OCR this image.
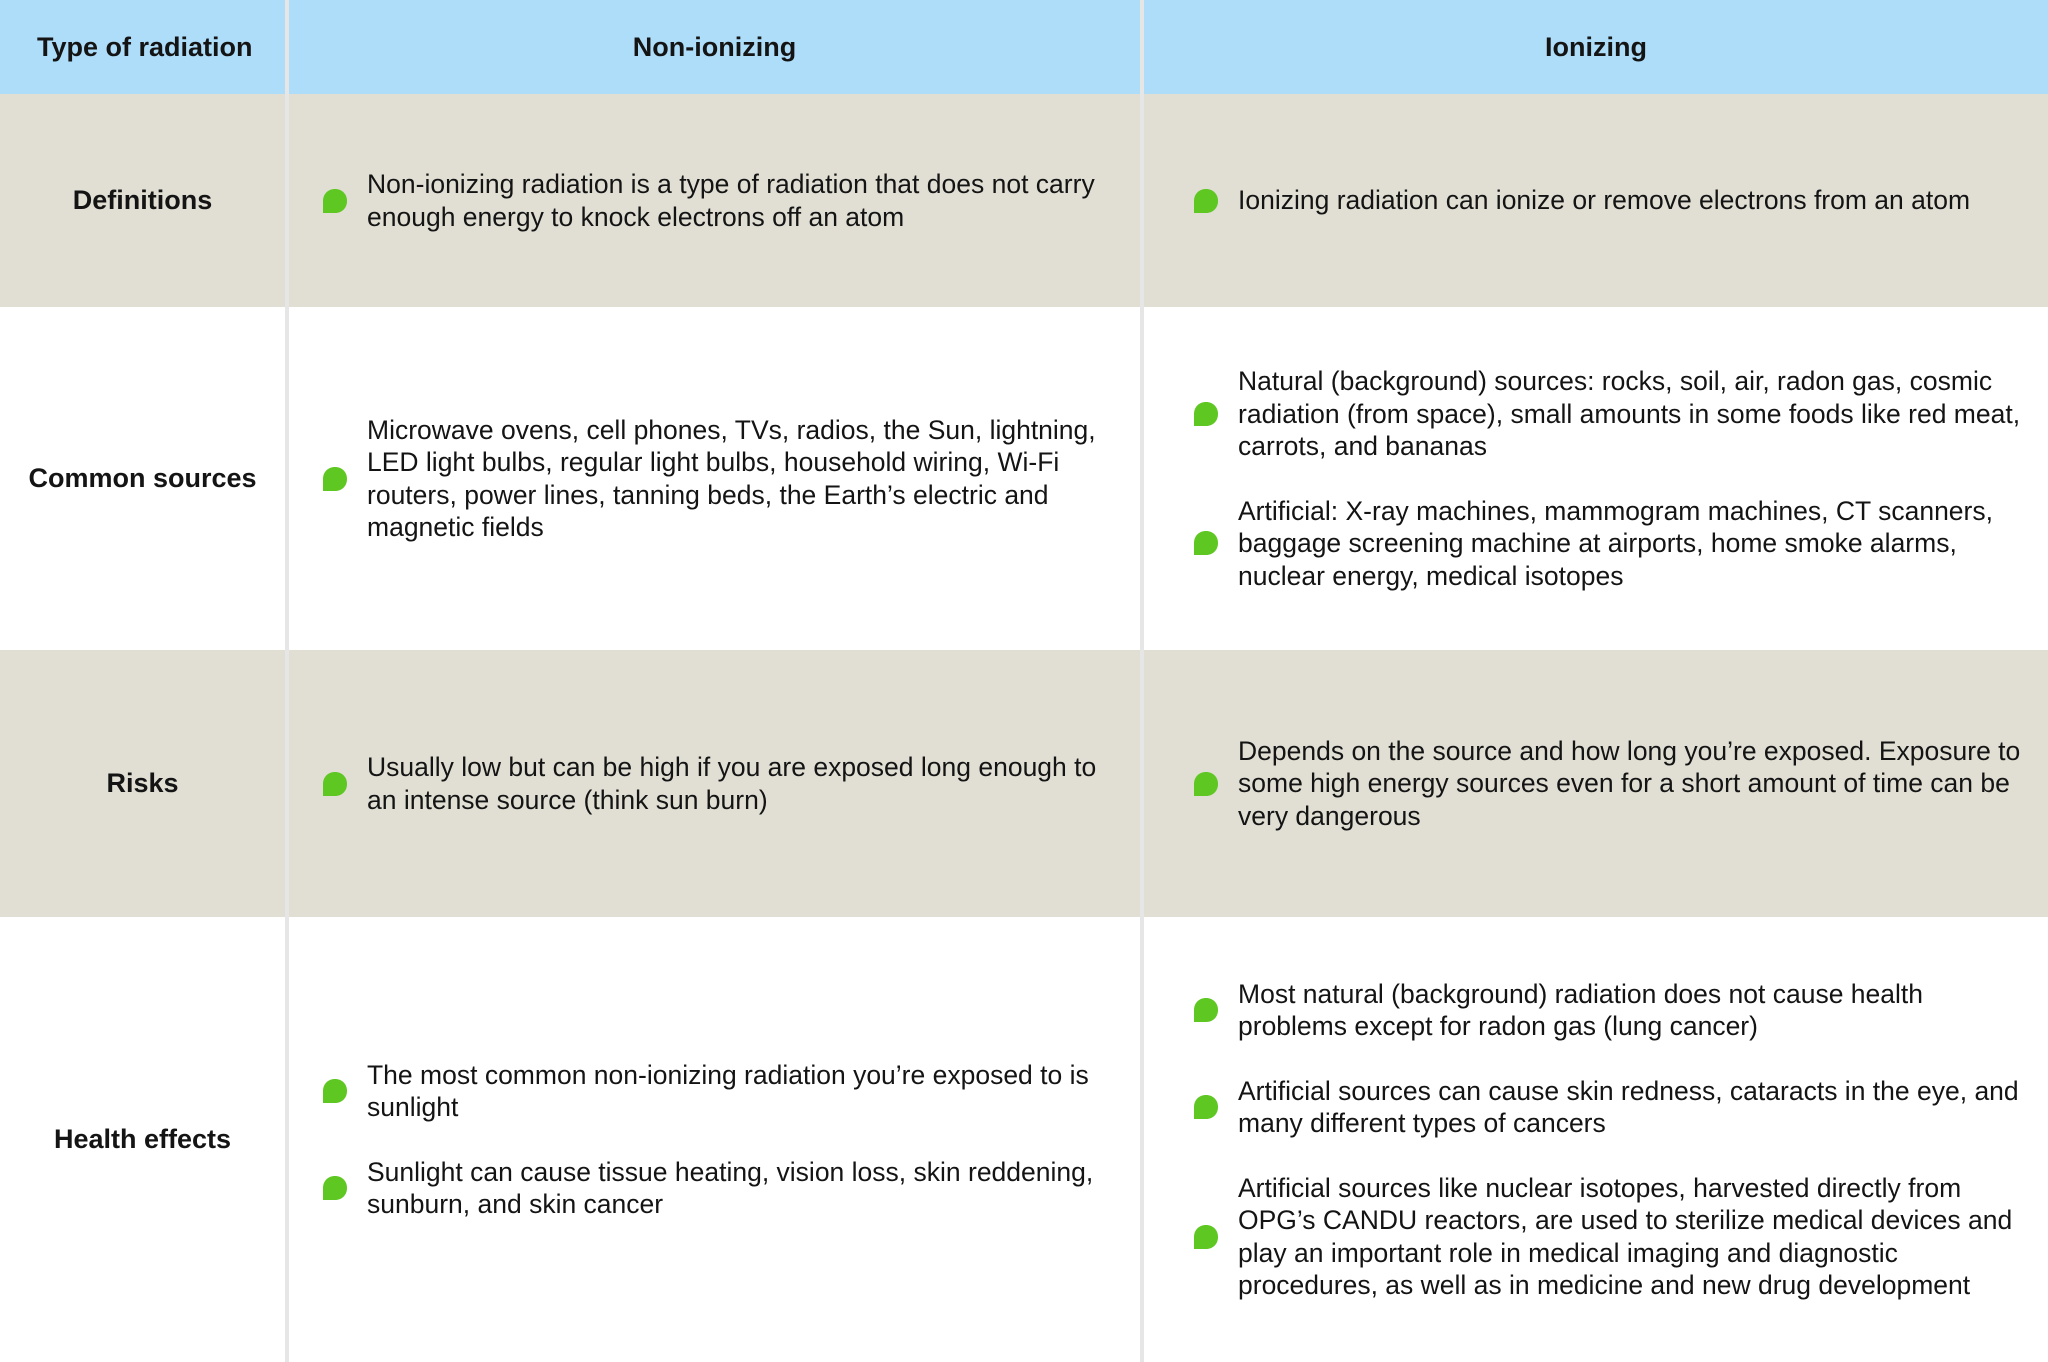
Type of radiation	Non-ionizing	Ionizing
Definitions
Non-ionizing radiation is a type of radiation that does not carry enough energy to knock electrons off an atom
Ionizing radiation can ionize or remove electrons from an atom
Common sources
Microwave ovens, cell phones, TVs, radios, the Sun, lightning, LED light bulbs, regular light bulbs, household wiring, Wi-Fi routers, power lines, tanning beds, the Earth’s electric and magnetic fields
Natural (background) sources: rocks, soil, air, radon gas, cosmic radiation (from space), small amounts in some foods like red meat, carrots, and bananas
Artificial: X-ray machines, mammogram machines, CT scanners, baggage screening machine at airports, home smoke alarms, nuclear energy, medical isotopes
Risks
Usually low but can be high if you are exposed long enough to an intense source (think sun burn)
Depends on the source and how long you’re exposed. Exposure to some high energy sources even for a short amount of time can be very dangerous
Health effects
The most common non-ionizing radiation you’re exposed to is sunlight
Sunlight can cause tissue heating, vision loss, skin reddening, sunburn, and skin cancer
Most natural (background) radiation does not cause health problems except for radon gas (lung cancer)
Artificial sources can cause skin redness, cataracts in the eye, and many different types of cancers
Artificial sources like nuclear isotopes, harvested directly from OPG’s CANDU reactors, are used to sterilize medical devices and play an important role in medical imaging and diagnostic procedures, as well as in medicine and new drug development
